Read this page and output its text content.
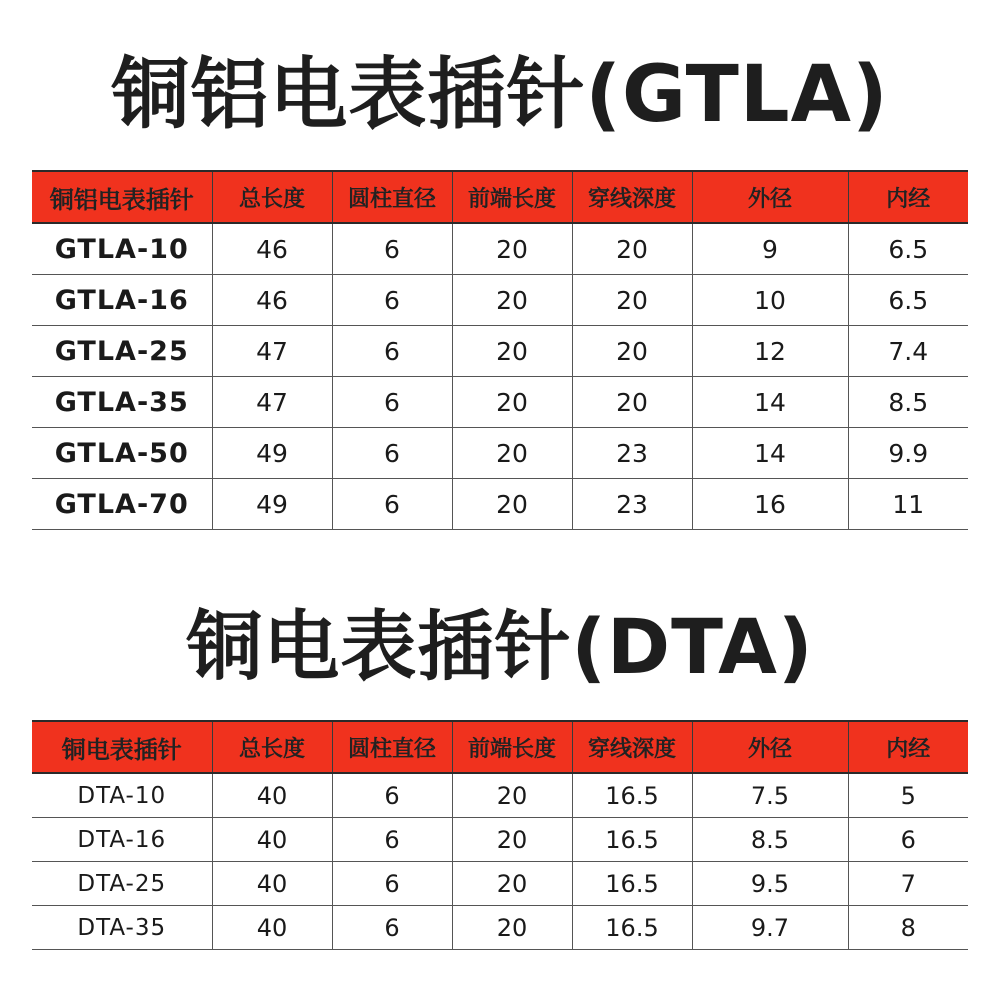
铜铝电表插针(GTLA)
铜铝电表插针	总长度	圆柱直径	前端长度	穿线深度	外径	内经
GTLA-10	46	6	20	20	9	6.5
GTLA-16	46	6	20	20	10	6.5
GTLA-25	47	6	20	20	12	7.4
GTLA-35	47	6	20	20	14	8.5
GTLA-50	49	6	20	23	14	9.9
GTLA-70	49	6	20	23	16	11
铜电表插针(DTA)
铜电表插针	总长度	圆柱直径	前端长度	穿线深度	外径	内经
DTA-10	40	6	20	16.5	7.5	5
DTA-16	40	6	20	16.5	8.5	6
DTA-25	40	6	20	16.5	9.5	7
DTA-35	40	6	20	16.5	9.7	8
